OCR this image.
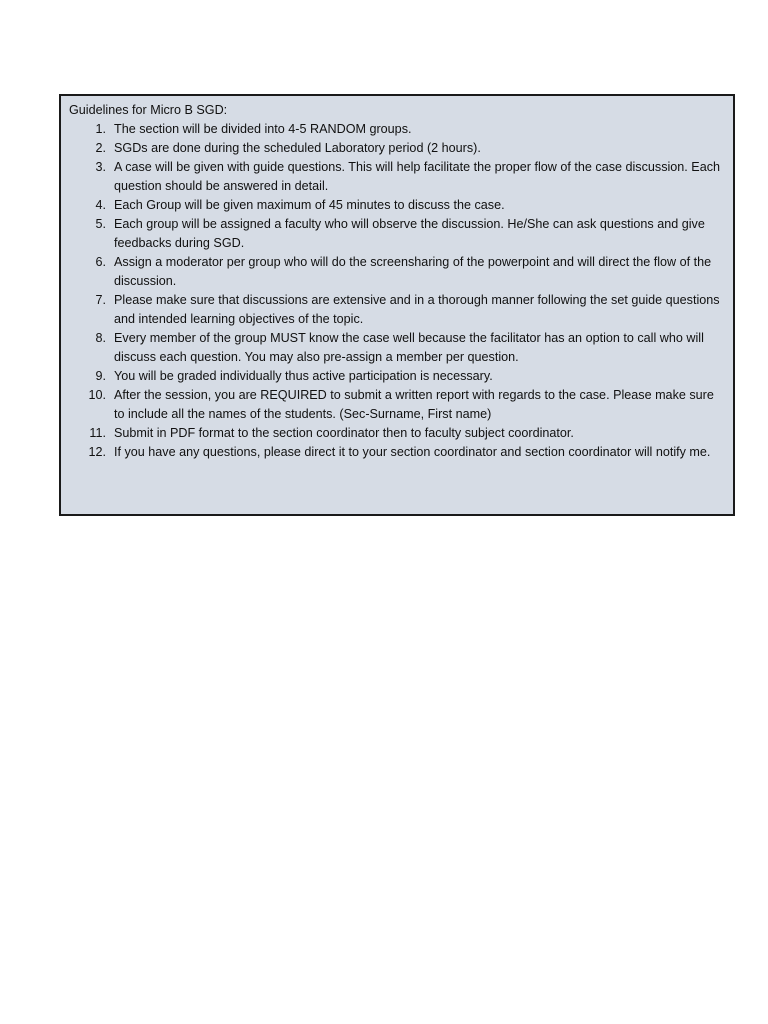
Guidelines for Micro B SGD:

1. The section will be divided into 4-5 RANDOM groups.
2. SGDs are done during the scheduled Laboratory period (2 hours).
3. A case will be given with guide questions. This will help facilitate the proper flow of the case discussion. Each question should be answered in detail.
4. Each Group will be given maximum of 45 minutes to discuss the case.
5. Each group will be assigned a faculty who will observe the discussion. He/She can ask questions and give feedbacks during SGD.
6. Assign a moderator per group who will do the screensharing of the powerpoint and will direct the flow of the discussion.
7. Please make sure that discussions are extensive and in a thorough manner following the set guide questions and intended learning objectives of the topic.
8. Every member of the group MUST know the case well because the facilitator has an option to call who will discuss each question. You may also pre-assign a member per question.
9. You will be graded individually thus active participation is necessary.
10. After the session, you are REQUIRED to submit a written report with regards to the case. Please make sure to include all the names of the students. (Sec-Surname, First name)
11. Submit in PDF format to the section coordinator then to faculty subject coordinator.
12. If you have any questions, please direct it to your section coordinator and section coordinator will notify me.
